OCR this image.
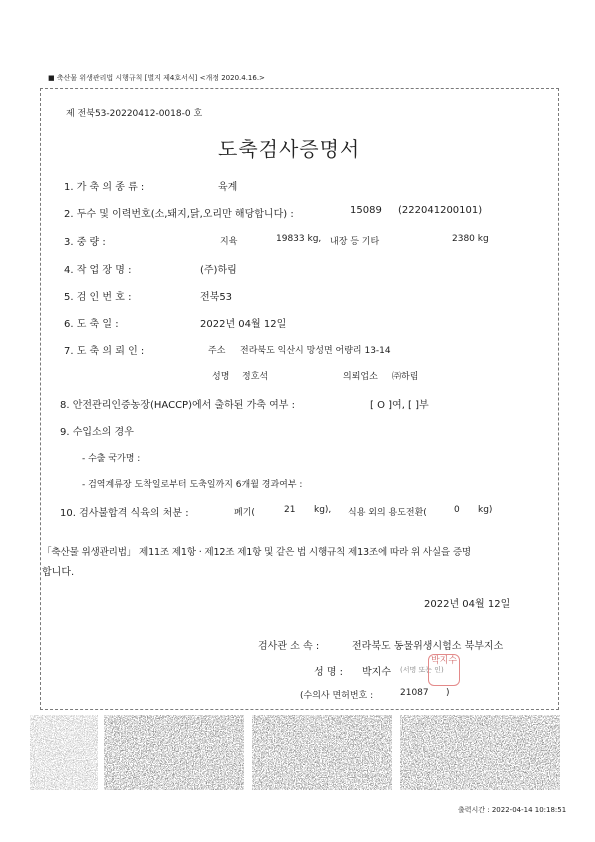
■ 축산물 위생관리법 시행규칙 [별지 제4호서식] <개정 2020.4.16.>
제 전북53-20220412-0018-0 호
도축검사증명서
1. 가 축 의 종 류 :	육계
2. 두수 및 이력번호(소,돼지,닭,오리만 해당합니다) :	15089 (222041200101)
3. 중 량 :	지육	19833 kg, 내장 등 기타	2380 kg
4. 작 업 장 명 :	(주)하림
5. 검 인 번 호 :	전북53
6. 도 축 일 :	2022년 04월 12일
7. 도 축 의 뢰 인 :	주소 전라북도 익산시 망성면 어량리 13-14
성명 정호석	의뢰업소 ㈜하림
8. 안전관리인증농장(HACCP)에서 출하된 가축 여부 :	[ O ]여, [ ]부
9. 수입소의 경우
- 수출 국가명 :
- 검역계류장 도착일로부터 도축일까지 6개월 경과여부 :
10. 검사불합격 식육의 처분 :	폐기(	21 kg), 식용 외의 용도전환(	0 kg)
「축산물 위생관리법」 제11조 제1항 · 제12조 제1항 및 같은 법 시행규칙 제13조에 따라 위 사실을 증명
합니다.
2022년 04월 12일
검사관 소 속 :	전라북도 동물위생시험소 북부지소
성 명 : 박지수 (서명 또는 인)
박지수
(수의사 면허번호 :	21087 )
출력시간 : 2022-04-14 10:18:51
